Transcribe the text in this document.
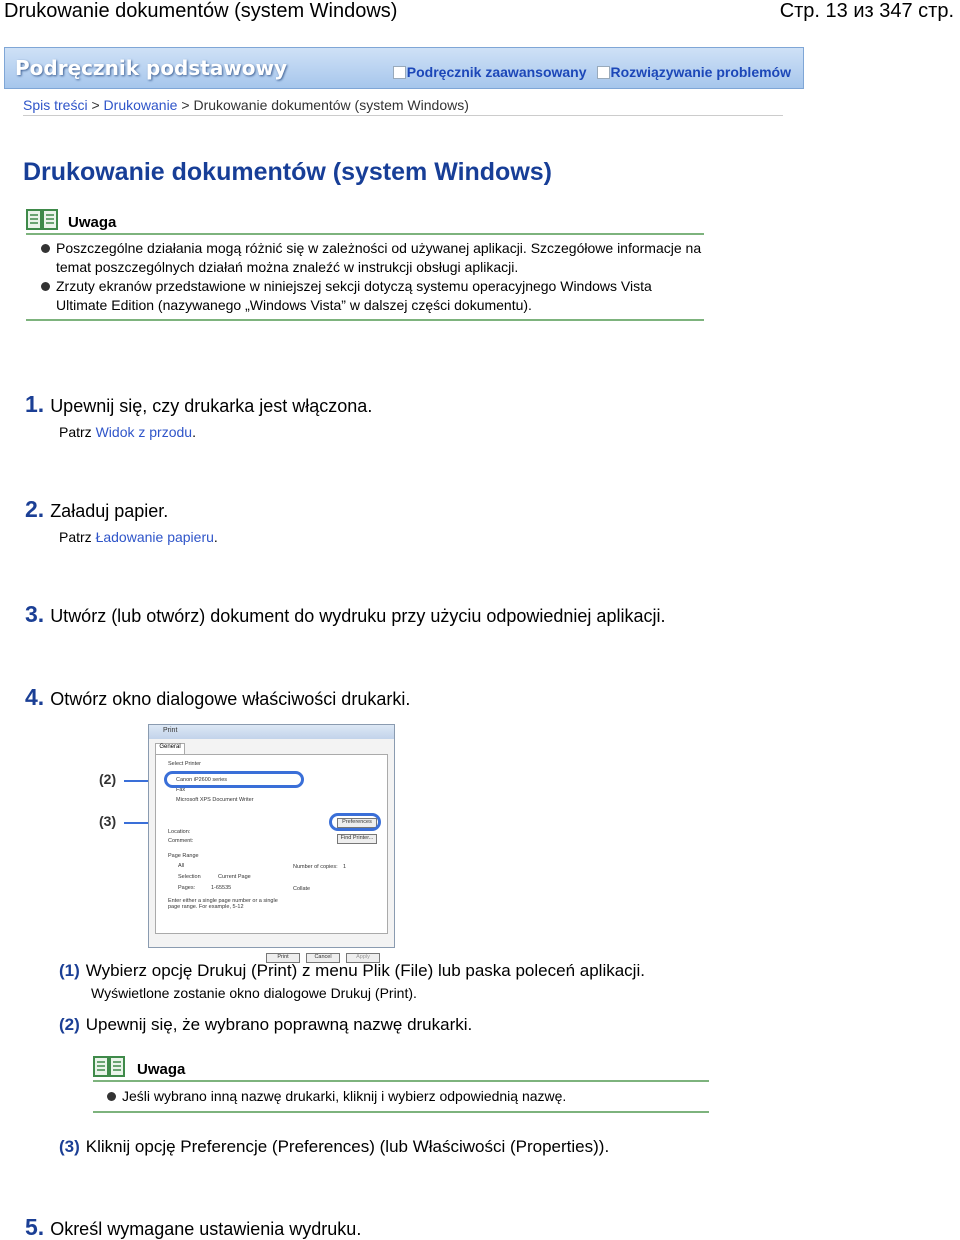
Drukowanie dokumentów (system Windows)	Стр. 13 из 347 стр.
Podręcznik podstawowy	Podręcznik zaawansowany Rozwiązywanie problemów
Spis treści > Drukowanie > Drukowanie dokumentów (system Windows)
Drukowanie dokumentów (system Windows)
Uwaga
Poszczególne działania mogą różnić się w zależności od używanej aplikacji. Szczegółowe informacje na temat poszczególnych działań można znaleźć w instrukcji obsługi aplikacji.
Zrzuty ekranów przedstawione w niniejszej sekcji dotyczą systemu operacyjnego Windows Vista Ultimate Edition (nazywanego „Windows Vista” w dalszej części dokumentu).
1. Upewnij się, czy drukarka jest włączona.
Patrz Widok z przodu.
2. Załaduj papier.
Patrz Ładowanie papieru.
3. Utwórz (lub otwórz) dokument do wydruku przy użyciu odpowiedniej aplikacji.
4. Otwórz okno dialogowe właściwości drukarki.
(2)
(3)
Print
General
Select Printer
Canon iP2600 series
Fax
Microsoft XPS Document Writer
Location:
Comment:
Preferences
Find Printer...
Page Range
All
Selection	Current Page
Pages:	1-65535
Enter either a single page number or a single page range. For example, 5-12
Number of copies: 1
Collate
Print	Cancel	Apply
(1) Wybierz opcję Drukuj (Print) z menu Plik (File) lub paska poleceń aplikacji.
Wyświetlone zostanie okno dialogowe Drukuj (Print).
(2) Upewnij się, że wybrano poprawną nazwę drukarki.
Uwaga
Jeśli wybrano inną nazwę drukarki, kliknij i wybierz odpowiednią nazwę.
(3) Kliknij opcję Preferencje (Preferences) (lub Właściwości (Properties)).
5. Określ wymagane ustawienia wydruku.
